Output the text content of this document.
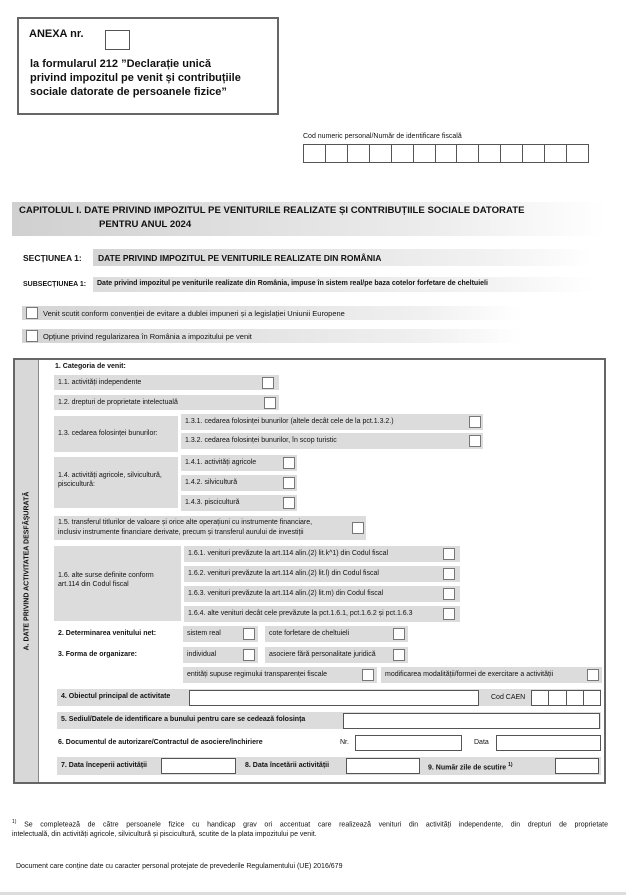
ANEXA nr.
la formularul 212 ”Declarație unică
privind impozitul pe venit și contribuțiile
sociale datorate de persoanele fizice”
Cod numeric personal/Număr de identificare fiscală
CAPITOLUL I. DATE PRIVIND IMPOZITUL PE VENITURILE REALIZATE ȘI CONTRIBUȚIILE SOCIALE DATORATE
PENTRU ANUL 2024
SECȚIUNEA 1: DATE PRIVIND IMPOZITUL PE VENITURILE REALIZATE DIN ROMÂNIA
SUBSECȚIUNEA 1: Date privind impozitul pe veniturile realizate din România, impuse în sistem real/pe baza cotelor forfetare de cheltuieli
Venit scutit conform convenției de evitare a dublei impuneri și a legislației Uniunii Europene
Opțiune privind regularizarea în România a impozitului pe venit
A. DATE PRIVIND ACTIVITATEA DESFĂȘURATĂ
1. Categoria de venit:
1.1. activități independente
1.2. drepturi de proprietate intelectuală
1.3. cedarea folosinței bunurilor:
1.3.1. cedarea folosinței bunurilor (altele decât cele de la pct.1.3.2.)
1.3.2. cedarea folosinței bunurilor, în scop turistic
1.4. activități agricole, silvicultură,
piscicultură:
1.4.1. activități agricole
1.4.2. silvicultură
1.4.3. piscicultură
1.5. transferul titlurilor de valoare și orice alte operațiuni cu instrumente financiare,
inclusiv instrumente financiare derivate, precum și transferul aurului de investiții
1.6. alte surse definite conform
art.114 din Codul fiscal
1.6.1. venituri prevăzute la art.114 alin.(2) lit.k^1) din Codul fiscal
1.6.2. venituri prevăzute la art.114 alin.(2) lit.l) din Codul fiscal
1.6.3. venituri prevăzute la art.114 alin.(2) lit.m) din Codul fiscal
1.6.4. alte venituri decât cele prevăzute la pct.1.6.1, pct.1.6.2 și pct.1.6.3
2. Determinarea venitului net:	sistem real	cote forfetare de cheltuieli
3. Forma de organizare:	individual	asociere fără personalitate juridică
entități supuse regimului transparenței fiscale	modificarea modalității/formei de exercitare a activității
4. Obiectul principal de activitate	Cod CAEN
5. Sediul/Datele de identificare a bunului pentru care se cedează folosința
6. Documentul de autorizare/Contractul de asociere/închiriere	Nr.	Data
7. Data începerii activității	8. Data încetării activității	9. Număr zile de scutire $^{1)}$
$^{1)}$ Se completează de către persoanele fizice cu handicap grav ori accentuat care realizează venituri din activități independente, din drepturi de proprietate
intelectuală, din activități agricole, silvicultură și piscicultură, scutite de la plata impozitului pe venit.
Document care conține date cu caracter personal protejate de prevederile Regulamentului (UE) 2016/679
